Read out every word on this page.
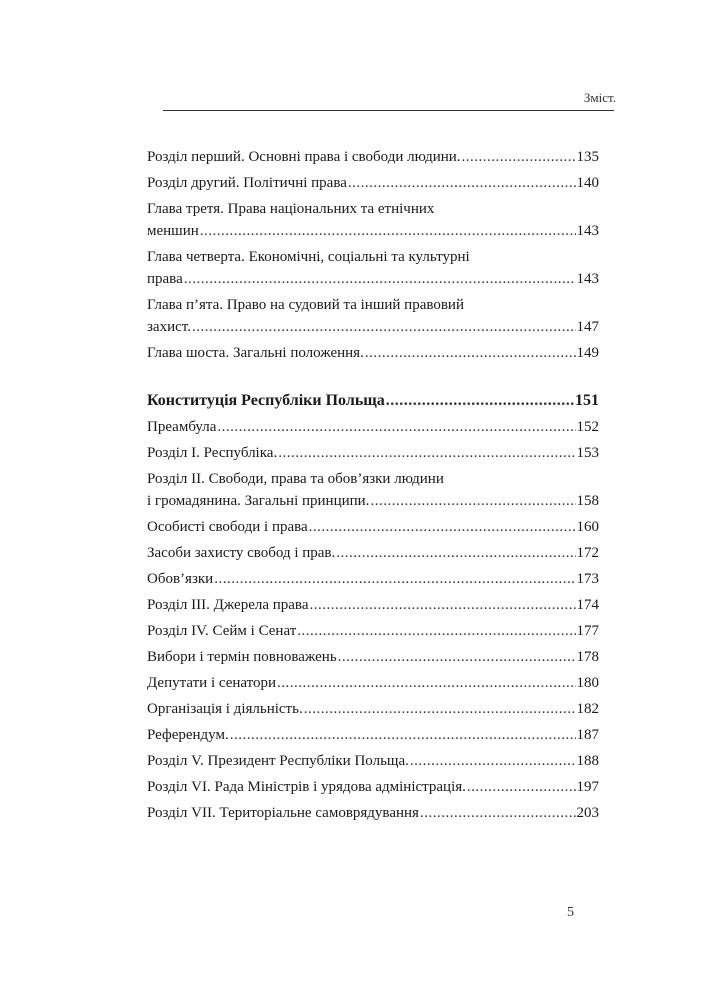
Зміст.
Розділ перший. Основні права і свободи людини. .....	135
Розділ другий. Політичні права .....	140
Глава третя. Права національних та етнічних
меншин .....	143
Глава четверта. Економічні, соціальні та культурні
права .....	143
Глава п’ята. Право на судовий та інший правовий
захист. .....	147
Глава шоста. Загальні положення. .....	149
Конституція Республіки Польща .....	151
Преамбула .....	152
Розділ І. Республіка. .....	153
Розділ ІІ. Свободи, права та обов’язки людини
і громадянина. Загальні принципи. .....	158
Особисті свободи і права .....	160
Засоби захисту свобод і прав. .....	172
Обов’язки .....	173
Розділ ІІІ. Джерела права .....	174
Розділ IV. Сейм і Сенат .....	177
Вибори і термін повноважень .....	178
Депутати і сенатори .....	180
Організація і діяльність. .....	182
Референдум. .....	187
Розділ V. Президент Республіки Польща. .....	188
Розділ VI. Рада Міністрів і урядова адміністрація. .....	197
Розділ VII. Територіальне самоврядування .....	203
5
